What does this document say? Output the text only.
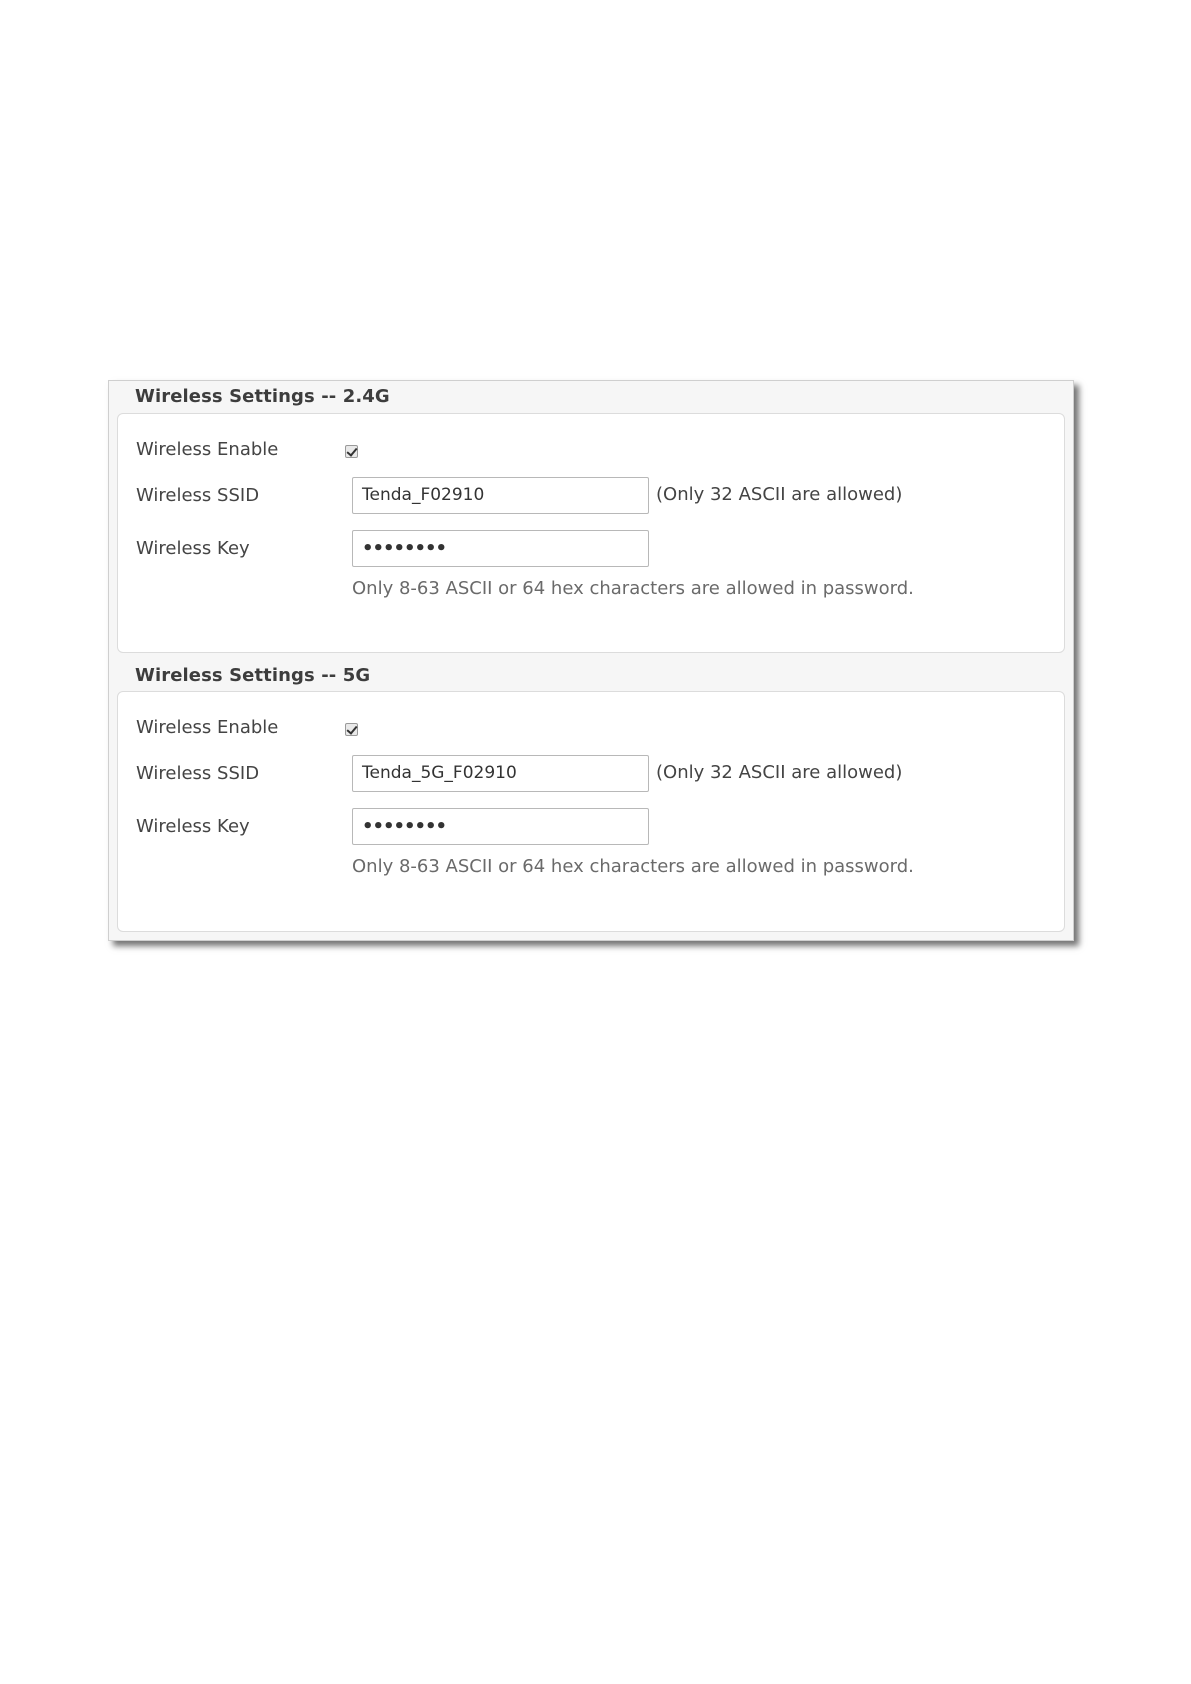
Wireless Settings -- 2.4G
Wireless Enable
Wireless SSID	Tenda_F02910	(Only 32 ASCII are allowed)
Wireless Key	••••••••
Only 8-63 ASCII or 64 hex characters are allowed in password.
Wireless Settings -- 5G
Wireless Enable
Wireless SSID	Tenda_5G_F02910	(Only 32 ASCII are allowed)
Wireless Key	••••••••
Only 8-63 ASCII or 64 hex characters are allowed in password.
